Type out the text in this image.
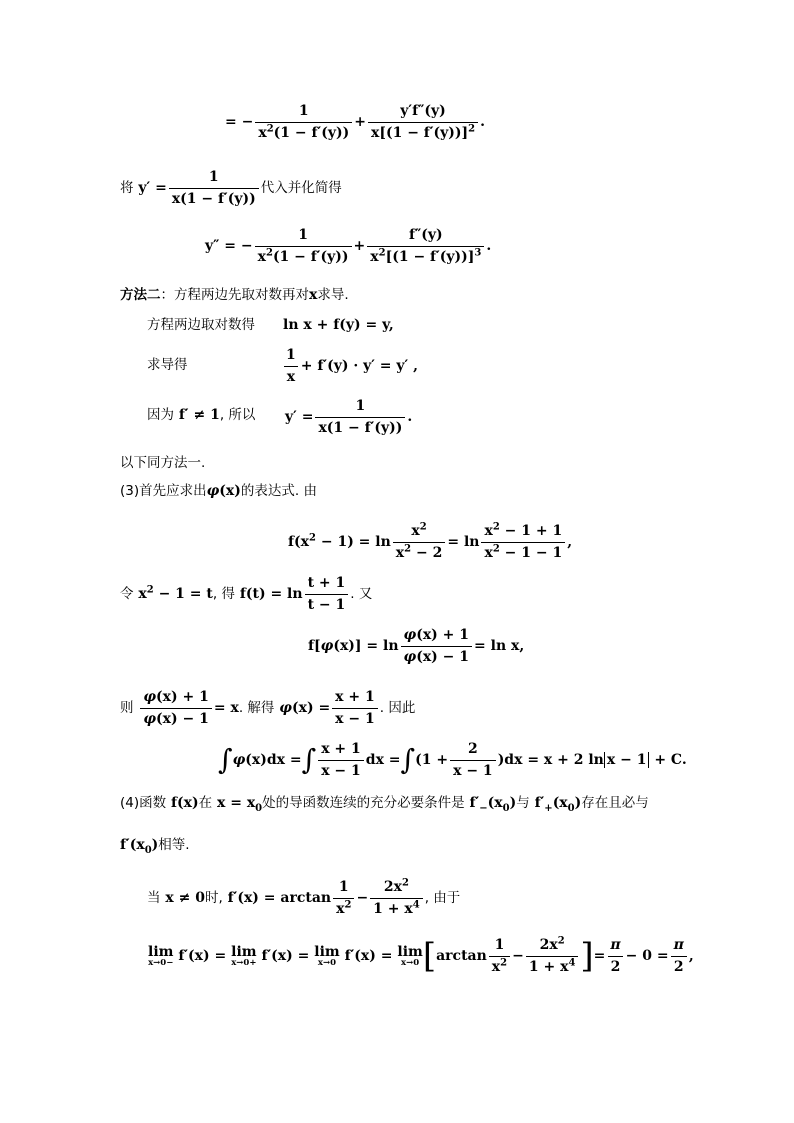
= − $\frac{1}{x^2(1 - f'(y))} + \frac{y'f''(y)}{x[(1 - f'(y))]^2}$ .
将 $y' = \frac{1}{x(1 - f'(y))}$ 代入并化简得
y″ = − $\frac{1}{x^2(1 - f'(y))} + \frac{f''(y)}{x^2[(1 - f'(y))]^3}$ .
方法二：方程两边先取对数再对x求导.
方程两边取对数得 ln x + f(y) = y,
求导得	$\frac{1}{x} + f'(y) \cdot y' = y'$ ,
因为 f′ ≠ 1, 所以 $y' = \frac{1}{x(1 - f'(y))}$ .
以下同方法一.
(3)首先应求出φ(x)的表达式. 由
$f(x^2 - 1) = \ln \frac{x^2}{x^2 - 2} = \ln \frac{x^2 - 1 + 1}{x^2 - 1 - 1}$ ,
令 $x^2 - 1 = t$, 得 $f(t) = \ln \frac{t + 1}{t - 1}$ . 又
$f[\varphi(x)] = \ln \frac{\varphi(x) + 1}{\varphi(x) - 1} = \ln x$,
则 $\frac{\varphi(x) + 1}{\varphi(x) - 1} = x$. 解得 $\varphi(x) = \frac{x + 1}{x - 1}$ . 因此
∫φ(x)dx =∫ $\frac{x + 1}{x - 1}$ dx $=\int(1 + \frac{2}{x - 1} )dx = x + 2$ ln x − 1 + C.
(4)函数 f(x)在 $x = x_0$处的导函数连续的充分必要条件是 $f'_-(x_0)$与 $f'_+(x_0)$存在且必与
$f'(x_0)$相等.
当 x ≠ 0时, $f'(x) = \arctan \frac{1}{x^2} - \frac{2x^2}{1 + x^4}$ , 由于
lim
x→0− f′(x) = lim
x→0+ f′(x) = lim
x→0 f′(x) = lim
x→0 [$\arctan \frac{1}{x^2} - \frac{2x^2}{1 + x^4}$ ]= $\frac{\pi}{2} - 0 = \frac{\pi}{2}$ ,
